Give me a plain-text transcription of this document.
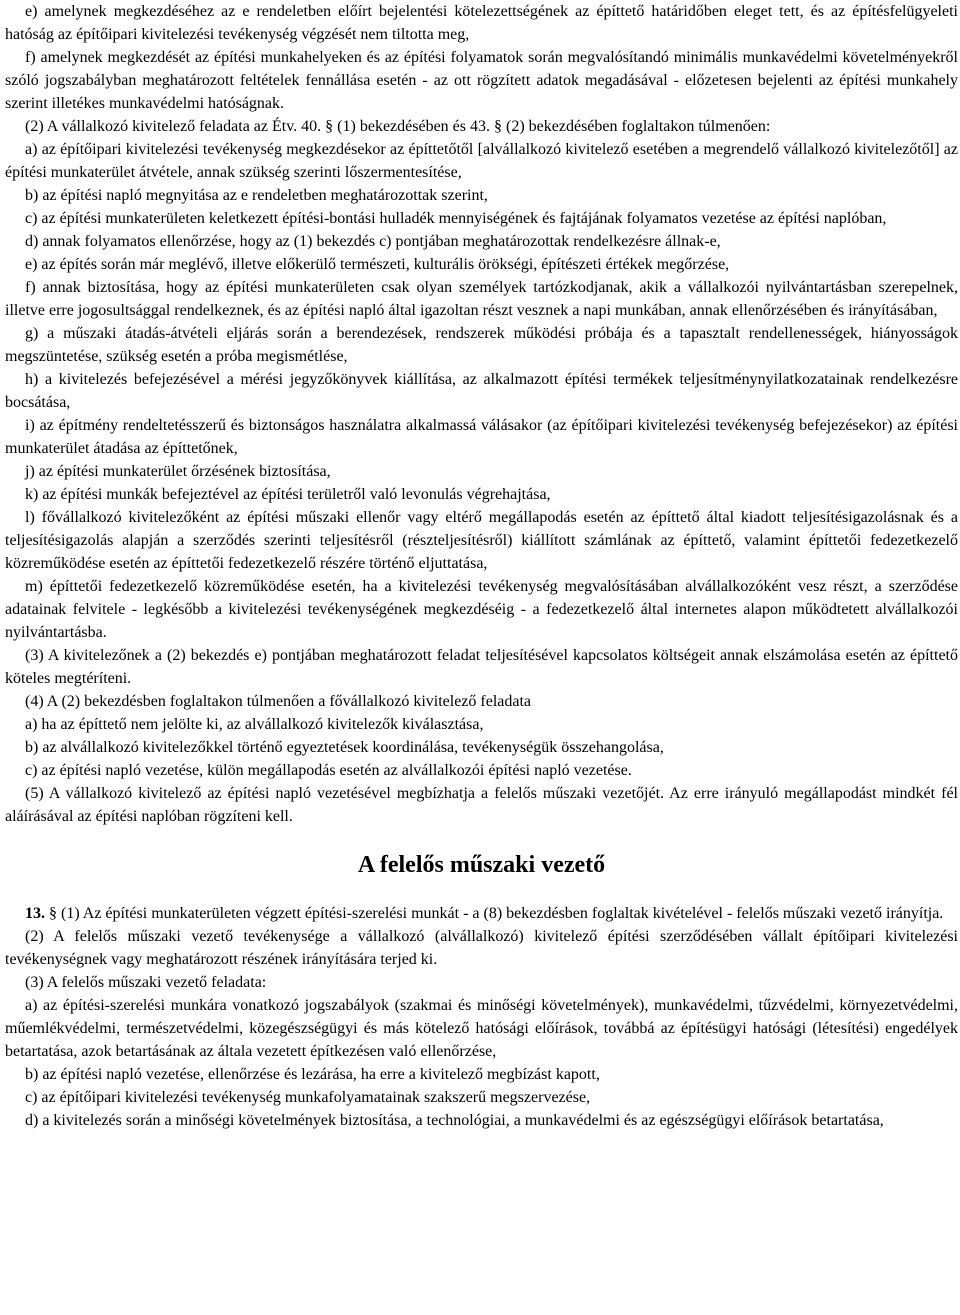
e) amelynek megkezdéséhez az e rendeletben előírt bejelentési kötelezettségének az építtető határidőben eleget tett, és az építésfelügyeleti hatóság az építőipari kivitelezési tevékenység végzését nem tiltotta meg,

f) amelynek megkezdését az építési munkahelyeken és az építési folyamatok során megvalósítandó minimális munkavédelmi követelményekről szóló jogszabályban meghatározott feltételek fennállása esetén - az ott rögzített adatok megadásával - előzetesen bejelenti az építési munkahely szerint illetékes munkavédelmi hatóságnak.

(2) A vállalkozó kivitelező feladata az Étv. 40. § (1) bekezdésében és 43. § (2) bekezdésében foglaltakon túlmenően:

a) az építőipari kivitelezési tevékenység megkezdésekor az építtetőtől [alvállalkozó kivitelező esetében a megrendelő vállalkozó kivitelezőtől] az építési munkaterület átvétele, annak szükség szerinti lőszermentesítése,

b) az építési napló megnyitása az e rendeletben meghatározottak szerint,

c) az építési munkaterületen keletkezett építési-bontási hulladék mennyiségének és fajtájának folyamatos vezetése az építési naplóban,

d) annak folyamatos ellenőrzése, hogy az (1) bekezdés c) pontjában meghatározottak rendelkezésre állnak-e,

e) az építés során már meglévő, illetve előkerülő természeti, kulturális örökségi, építészeti értékek megőrzése,

f) annak biztosítása, hogy az építési munkaterületen csak olyan személyek tartózkodjanak, akik a vállalkozói nyilvántartásban szerepelnek, illetve erre jogosultsággal rendelkeznek, és az építési napló által igazoltan részt vesznek a napi munkában, annak ellenőrzésében és irányításában,

g) a műszaki átadás-átvételi eljárás során a berendezések, rendszerek működési próbája és a tapasztalt rendellenességek, hiányosságok megszüntetése, szükség esetén a próba megismétlése,

h) a kivitelezés befejezésével a mérési jegyzőkönyvek kiállítása, az alkalmazott építési termékek teljesítménynyilatkozatainak rendelkezésre bocsátása,

i) az építmény rendeltetésszerű és biztonságos használatra alkalmassá válásakor (az építőipari kivitelezési tevékenység befejezésekor) az építési munkaterület átadása az építtetőnek,

j) az építési munkaterület őrzésének biztosítása,

k) az építési munkák befejeztével az építési területről való levonulás végrehajtása,

l) fővállalkozó kivitelezőként az építési műszaki ellenőr vagy eltérő megállapodás esetén az építtető által kiadott teljesítésigazolásnak és a teljesítésigazolás alapján a szerződés szerinti teljesítésről (részteljesítésről) kiállított számlának az építtető, valamint építtetői fedezetkezelő közreműködése esetén az építtetői fedezetkezelő részére történő eljuttatása,

m) építtetői fedezetkezelő közreműködése esetén, ha a kivitelezési tevékenység megvalósításában alvállalkozóként vesz részt, a szerződése adatainak felvitele - legkésőbb a kivitelezési tevékenységének megkezdéséig - a fedezetkezelő által internetes alapon működtetett alvállalkozói nyilvántartásba.

(3) A kivitelezőnek a (2) bekezdés e) pontjában meghatározott feladat teljesítésével kapcsolatos költségeit annak elszámolása esetén az építtető köteles megtéríteni.

(4) A (2) bekezdésben foglaltakon túlmenően a fővállalkozó kivitelező feladata

a) ha az építtető nem jelölte ki, az alvállalkozó kivitelezők kiválasztása,

b) az alvállalkozó kivitelezőkkel történő egyeztetések koordinálása, tevékenységük összehangolása,

c) az építési napló vezetése, külön megállapodás esetén az alvállalkozói építési napló vezetése.

(5) A vállalkozó kivitelező az építési napló vezetésével megbízhatja a felelős műszaki vezetőjét. Az erre irányuló megállapodást mindkét fél aláírásával az építési naplóban rögzíteni kell.

A felelős műszaki vezető

13. § (1) Az építési munkaterületen végzett építési-szerelési munkát - a (8) bekezdésben foglaltak kivételével - felelős műszaki vezető irányítja.

(2) A felelős műszaki vezető tevékenysége a vállalkozó (alvállalkozó) kivitelező építési szerződésében vállalt építőipari kivitelezési tevékenységnek vagy meghatározott részének irányítására terjed ki.

(3) A felelős műszaki vezető feladata:

a) az építési-szerelési munkára vonatkozó jogszabályok (szakmai és minőségi követelmények), munkavédelmi, tűzvédelmi, környezetvédelmi, műemlékvédelmi, természetvédelmi, közegészségügyi és más kötelező hatósági előírások, továbbá az építésügyi hatósági (létesítési) engedélyek betartatása, azok betartásának az általa vezetett építkezésen való ellenőrzése,

b) az építési napló vezetése, ellenőrzése és lezárása, ha erre a kivitelező megbízást kapott,

c) az építőipari kivitelezési tevékenység munkafolyamatainak szakszerű megszervezése,

d) a kivitelezés során a minőségi követelmények biztosítása, a technológiai, a munkavédelmi és az egészségügyi előírások betartatása,
